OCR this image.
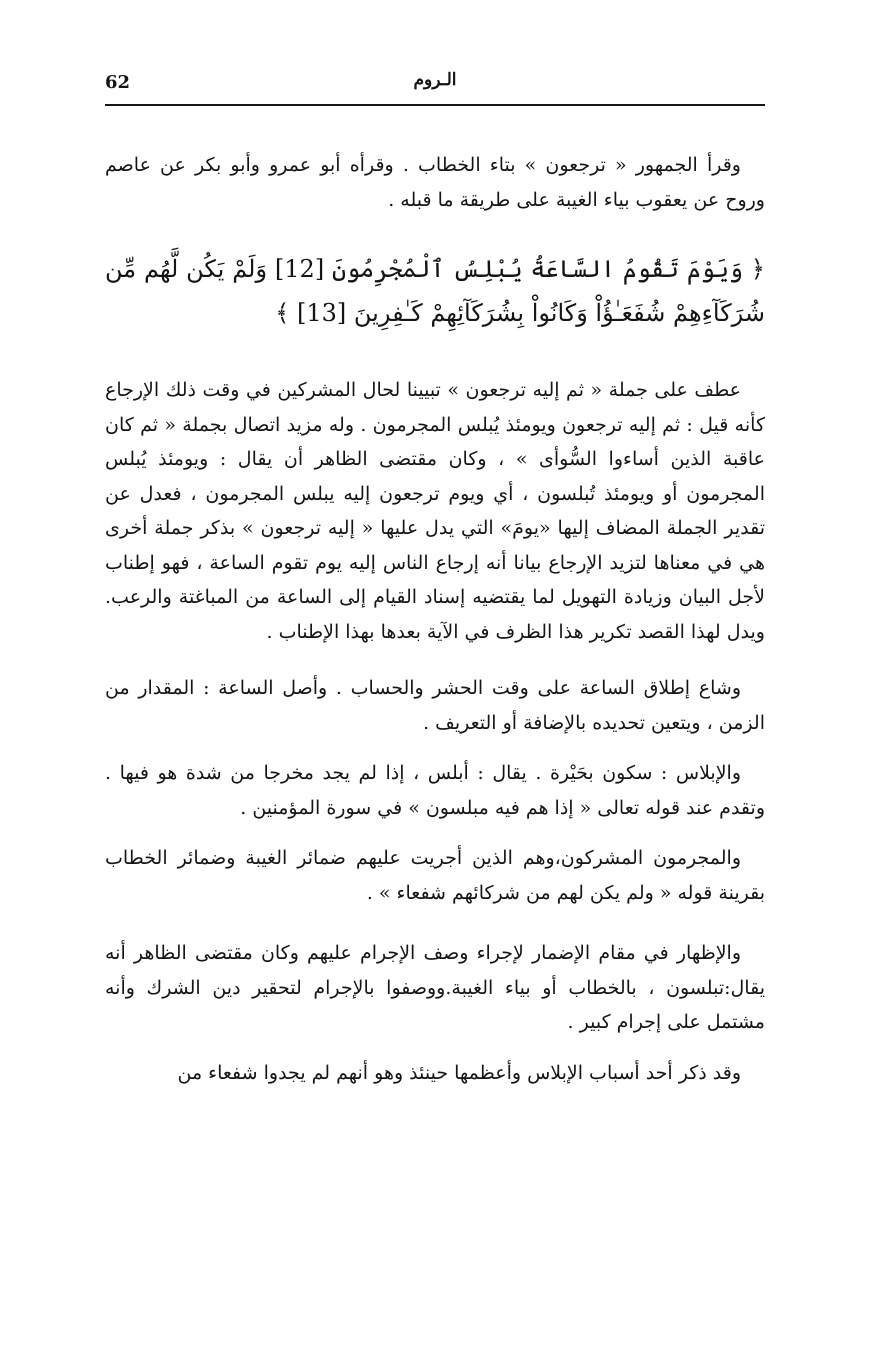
62	الـروم

وقرأ الجمهور « ترجعون » بتاء الخطاب . وقرأه أبو عمرو وأبو بكر عن عاصم وروح عن يعقوب بياء الغيبة على طريقة ما قبله .

﴿ وَيَوْمَ تَقُومُ السَّاعَةُ يُبْلِسُ ٱلْمُجْرِمُونَ [12] وَلَمْ يَكُن لَّهُم مِّن شُرَكَآءِهِمْ شُفَعَـٰؤُاْ وَكَانُواْ بِشُرَكَآئِهِمْ كَـٰفِرِينَ [13] ﴾

عطف على جملة « ثم إليه ترجعون » تبيينا لحال المشركين في وقت ذلك الإرجاع كأنه قيل : ثم إليه ترجعون ويومئذ يُبلس المجرمون . وله مزيد اتصال بجملة « ثم كان عاقبة الذين أساءوا السُّوأى » ، وكان مقتضى الظاهر أن يقال : ويومئذ يُبلس المجرمون أو ويومئذ تُبلسون ، أي ويوم ترجعون إليه يبلس المجرمون ، فعدل عن تقدير الجملة المضاف إليها «يومَ» التي يدل عليها « إليه ترجعون » بذكر جملة أخرى هي في معناها لتزيد الإرجاع بيانا أنه إرجاع الناس إليه يوم تقوم الساعة ، فهو إطناب لأجل البيان وزيادة التهويل لما يقتضيه إسناد القيام إلى الساعة من المباغتة والرعب. ويدل لهذا القصد تكرير هذا الظرف في الآية بعدها بهذا الإطناب .

وشاع إطلاق الساعة على وقت الحشر والحساب . وأصل الساعة : المقدار من الزمن ، ويتعين تحديده بالإضافة أو التعريف .

والإبلاس : سكون بحَيْرة . يقال : أبلس ، إذا لم يجد مخرجا من شدة هو فيها . وتقدم عند قوله تعالى « إذا هم فيه مبلسون » في سورة المؤمنين .

والمجرمون المشركون،وهم الذين أجريت عليهم ضمائر الغيبة وضمائر الخطاب بقرينة قوله « ولم يكن لهم من شركائهم شفعاء » .

والإظهار في مقام الإضمار لإجراء وصف الإجرام عليهم وكان مقتضى الظاهر أنه يقال:تبلسون ، بالخطاب أو بياء الغيبة.ووصفوا بالإجرام لتحقير دين الشرك وأنه مشتمل على إجرام كبير .

وقد ذكر أحد أسباب الإبلاس وأعظمها حينئذ وهو أنهم لم يجدوا شفعاء من
